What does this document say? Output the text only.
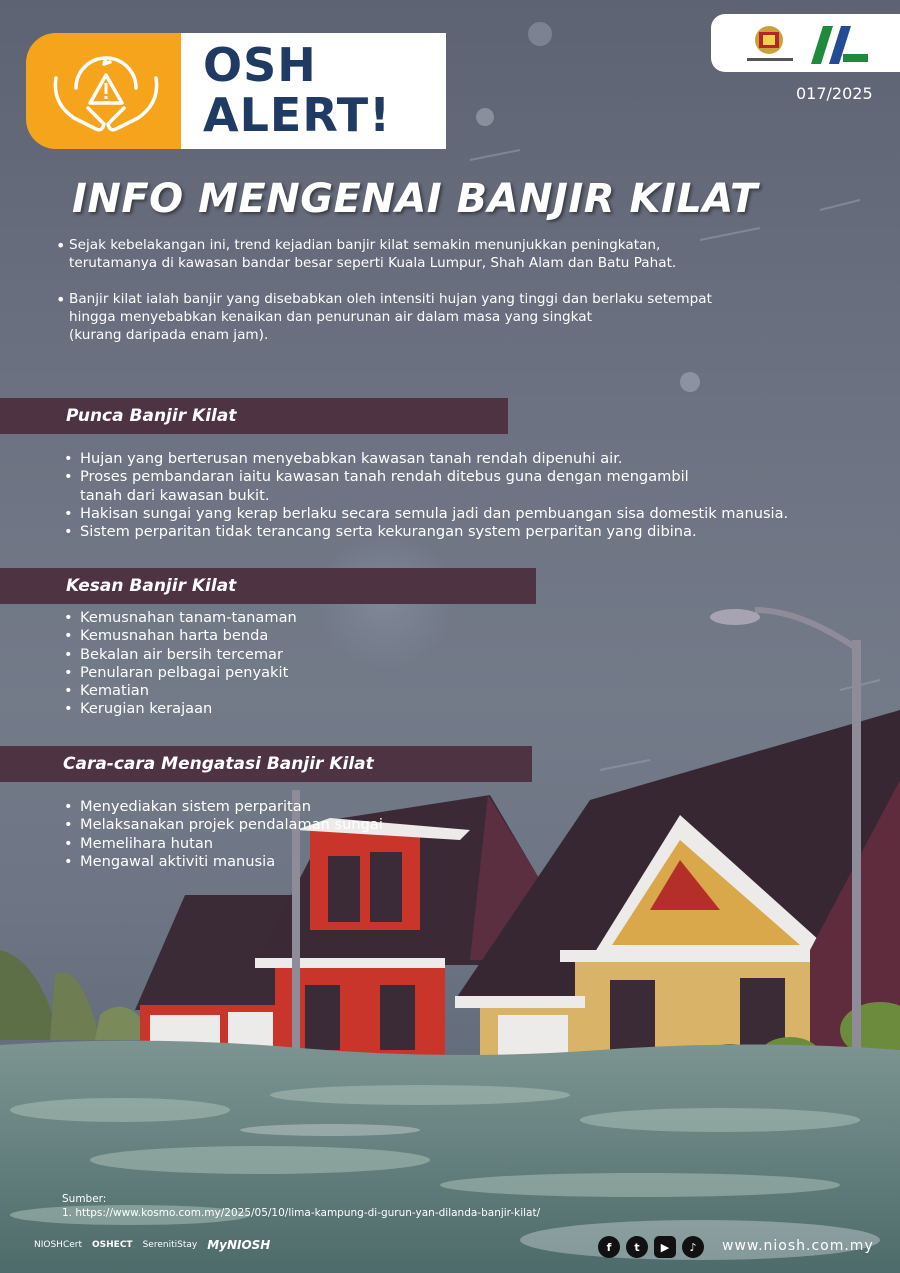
OSH
ALERT!	017/2025
INFO MENGENAI BANJIR KILAT
• Sejak kebelakangan ini, trend kejadian banjir kilat semakin menunjukkan peningkatan,
terutamanya di kawasan bandar besar seperti Kuala Lumpur, Shah Alam dan Batu Pahat.
• Banjir kilat ialah banjir yang disebabkan oleh intensiti hujan yang tinggi dan berlaku setempat
hingga menyebabkan kenaikan dan penurunan air dalam masa yang singkat
(kurang daripada enam jam).
Punca Banjir Kilat
• Hujan yang berterusan menyebabkan kawasan tanah rendah dipenuhi air.
• Proses pembandaran iaitu kawasan tanah rendah ditebus guna dengan mengambil
tanah dari kawasan bukit.
• Hakisan sungai yang kerap berlaku secara semula jadi dan pembuangan sisa domestik manusia.
• Sistem perparitan tidak terancang serta kekurangan system perparitan yang dibina.
Kesan Banjir Kilat
• Kemusnahan tanam-tanaman
• Kemusnahan harta benda
• Bekalan air bersih tercemar
• Penularan pelbagai penyakit
• Kematian
• Kerugian kerajaan
Cara-cara Mengatasi Banjir Kilat
• Menyediakan sistem perparitan
• Melaksanakan projek pendalaman sungai
• Memelihara hutan
• Mengawal aktiviti manusia
Sumber:
1. https://www.kosmo.com.my/2025/05/10/lima-kampung-di-gurun-yan-dilanda-banjir-kilat/
NIOSHCert OSHECT SerenitiStay MyNIOSH	f	t	▶	♪	www.niosh.com.my
